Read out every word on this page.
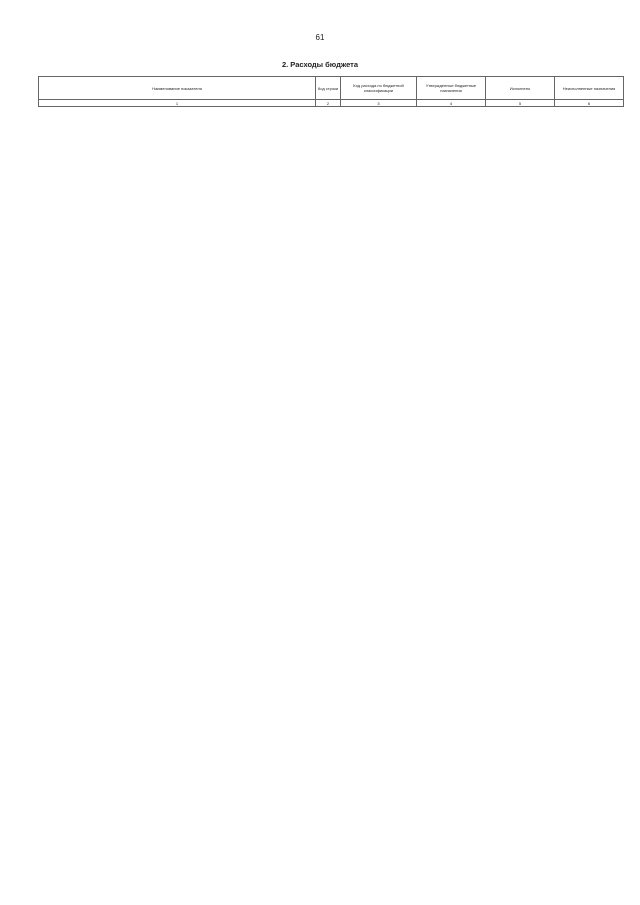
61
2. Расходы бюджета
Наименование показателя	Код строки	Код расхода по бюджетной классификации	Утвержденные бюджетные назначения	Исполнено	Неисполненные назначения
1	2	3	4	5	6
